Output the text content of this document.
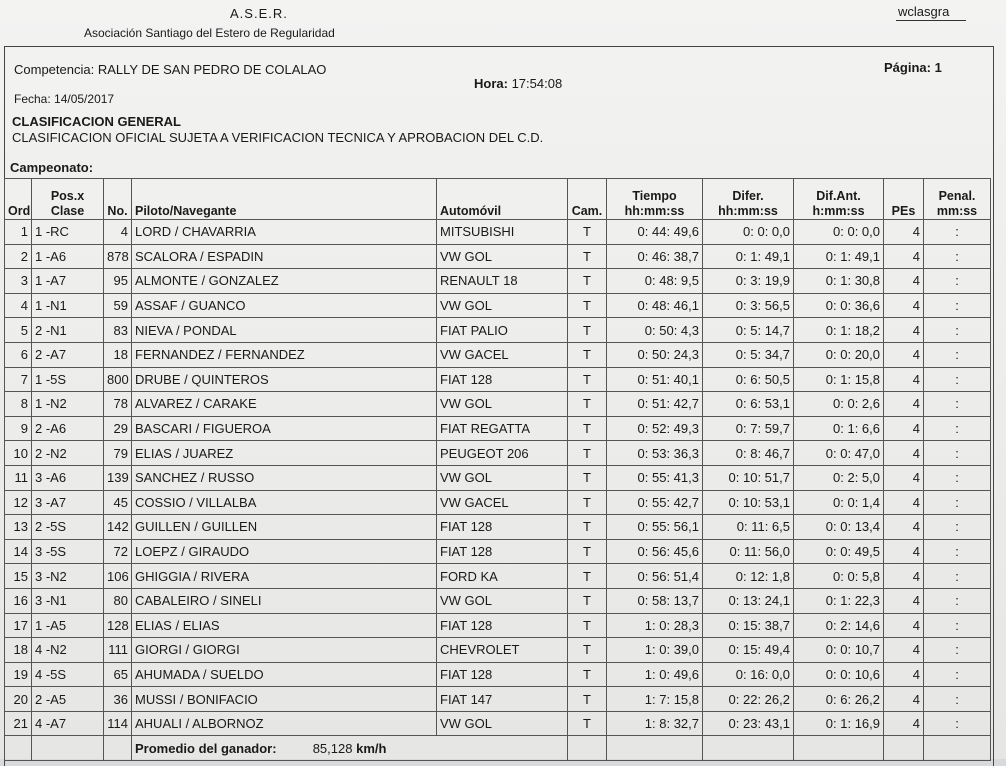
A.S.E.R.
Asociación Santiago del Estero de Regularidad
wclasgra
Competencia: RALLY DE SAN PEDRO DE COLALAO	Página: 1
Hora: 17:54:08
Fecha: 14/05/2017
CLASIFICACION GENERAL
CLASIFICACION OFICIAL SUJETA A VERIFICACION TECNICA Y APROBACION DEL C.D.
Campeonato:
Ord	Pos.x Clase	No.	Piloto/Navegante	Automóvil	Cam.	Tiempo hh:mm:ss	Difer. hh:mm:ss	Dif.Ant. h:mm:ss	PEs	Penal. mm:ss
1	1 -RC	4	LORD / CHAVARRIA	MITSUBISHI	T	0: 44: 49,6	0: 0: 0,0	0: 0: 0,0	4	:
2	1 -A6	878	SCALORA / ESPADIN	VW GOL	T	0: 46: 38,7	0: 1: 49,1	0: 1: 49,1	4	:
3	1 -A7	95	ALMONTE / GONZALEZ	RENAULT 18	T	0: 48: 9,5	0: 3: 19,9	0: 1: 30,8	4	:
4	1 -N1	59	ASSAF / GUANCO	VW GOL	T	0: 48: 46,1	0: 3: 56,5	0: 0: 36,6	4	:
5	2 -N1	83	NIEVA / PONDAL	FIAT PALIO	T	0: 50: 4,3	0: 5: 14,7	0: 1: 18,2	4	:
6	2 -A7	18	FERNANDEZ / FERNANDEZ	VW GACEL	T	0: 50: 24,3	0: 5: 34,7	0: 0: 20,0	4	:
7	1 -5S	800	DRUBE / QUINTEROS	FIAT 128	T	0: 51: 40,1	0: 6: 50,5	0: 1: 15,8	4	:
8	1 -N2	78	ALVAREZ / CARAKE	VW GOL	T	0: 51: 42,7	0: 6: 53,1	0: 0: 2,6	4	:
9	2 -A6	29	BASCARI / FIGUEROA	FIAT REGATTA	T	0: 52: 49,3	0: 7: 59,7	0: 1: 6,6	4	:
10	2 -N2	79	ELIAS / JUAREZ	PEUGEOT 206	T	0: 53: 36,3	0: 8: 46,7	0: 0: 47,0	4	:
11	3 -A6	139	SANCHEZ / RUSSO	VW GOL	T	0: 55: 41,3	0: 10: 51,7	0: 2: 5,0	4	:
12	3 -A7	45	COSSIO / VILLALBA	VW GACEL	T	0: 55: 42,7	0: 10: 53,1	0: 0: 1,4	4	:
13	2 -5S	142	GUILLEN / GUILLEN	FIAT 128	T	0: 55: 56,1	0: 11: 6,5	0: 0: 13,4	4	:
14	3 -5S	72	LOEPZ / GIRAUDO	FIAT 128	T	0: 56: 45,6	0: 11: 56,0	0: 0: 49,5	4	:
15	3 -N2	106	GHIGGIA / RIVERA	FORD KA	T	0: 56: 51,4	0: 12: 1,8	0: 0: 5,8	4	:
16	3 -N1	80	CABALEIRO / SINELI	VW GOL	T	0: 58: 13,7	0: 13: 24,1	0: 1: 22,3	4	:
17	1 -A5	128	ELIAS / ELIAS	FIAT 128	T	1: 0: 28,3	0: 15: 38,7	0: 2: 14,6	4	:
18	4 -N2	111	GIORGI / GIORGI	CHEVROLET	T	1: 0: 39,0	0: 15: 49,4	0: 0: 10,7	4	:
19	4 -5S	65	AHUMADA / SUELDO	FIAT 128	T	1: 0: 49,6	0: 16: 0,0	0: 0: 10,6	4	:
20	2 -A5	36	MUSSI / BONIFACIO	FIAT 147	T	1: 7: 15,8	0: 22: 26,2	0: 6: 26,2	4	:
21	4 -A7	114	AHUALI / ALBORNOZ	VW GOL	T	1: 8: 32,7	0: 23: 43,1	0: 1: 16,9	4	:
			Promedio del ganador: 85,128 km/h							
